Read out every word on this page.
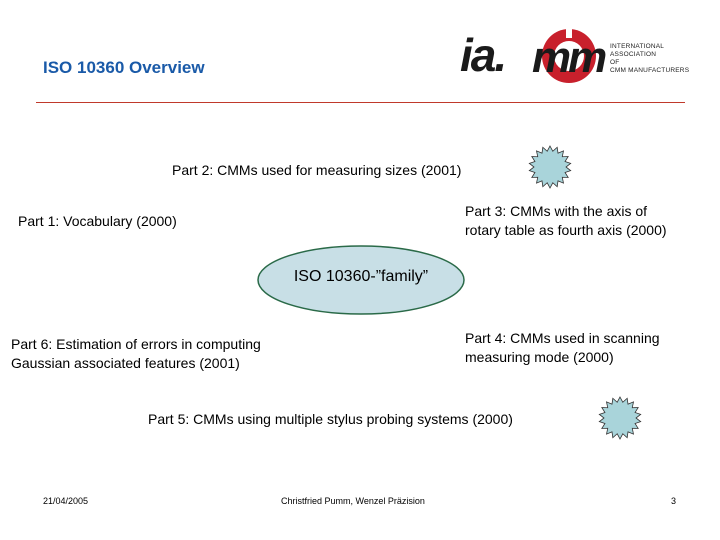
ISO 10360 Overview	ia. mm INTERNATIONAL
ASSOCIATION
OF
CMM MANUFACTURERS
Part 2: CMMs used for measuring sizes (2001)
Part 1: Vocabulary (2000)
Part 3: CMMs with the axis of
rotary table as fourth axis (2000)
ISO 10360-”family”
Part 6: Estimation of errors in computing
Gaussian associated features (2001)
Part 4: CMMs used in scanning
measuring mode (2000)
Part 5: CMMs using multiple stylus probing systems (2000)
21/04/2005	Christfried Pumm, Wenzel Präzision	3
